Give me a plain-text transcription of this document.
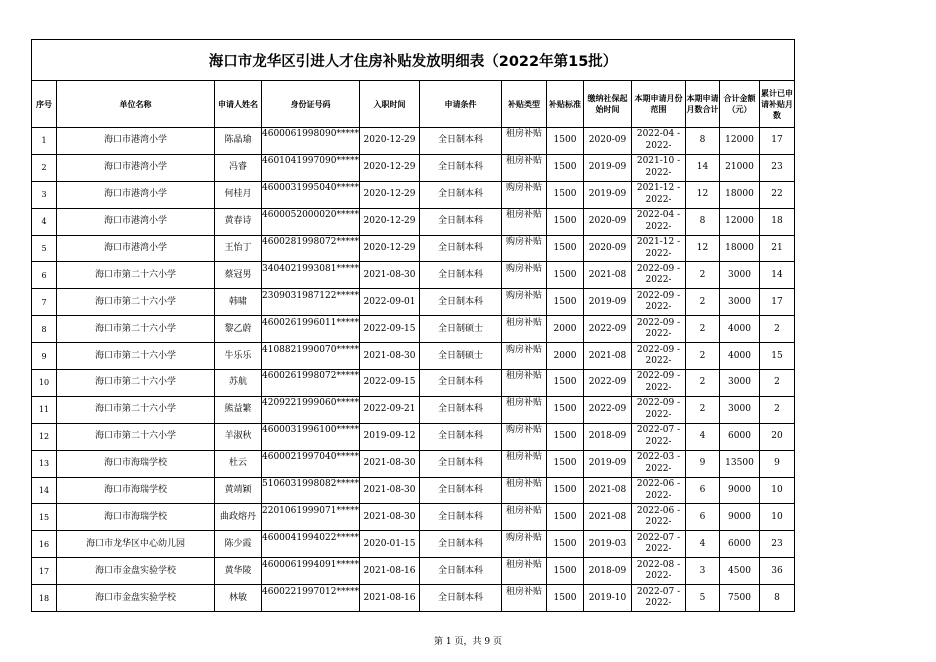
海口市龙华区引进人才住房补贴发放明细表（2022年第15批）												
序号	单位名称	申请人姓名	身份证号码	入职时间	申请条件	补贴类型	补贴标准	缴纳社保起始时间	本期申请月份范围	本期申请月数合计	合计金额（元）	累计已申请补贴月数
1	海口市港湾小学	陈晶瑜	4600061998090*****	2020-12-29	全日制本科	租房补贴	1500	2020-09	2022-04 - 2022-	8	12000	17
2	海口市港湾小学	冯睿	4601041997090*****	2020-12-29	全日制本科	租房补贴	1500	2019-09	2021-10 - 2022-	14	21000	23
3	海口市港湾小学	何桂月	4600031995040*****	2020-12-29	全日制本科	购房补贴	1500	2019-09	2021-12 - 2022-	12	18000	22
4	海口市港湾小学	黄春诗	4600052000020*****	2020-12-29	全日制本科	租房补贴	1500	2020-09	2022-04 - 2022-	8	12000	18
5	海口市港湾小学	王怡丁	4600281998072*****	2020-12-29	全日制本科	购房补贴	1500	2020-09	2021-12 - 2022-	12	18000	21
6	海口市第二十六小学	蔡冠男	3404021993081*****	2021-08-30	全日制本科	购房补贴	1500	2021-08	2022-09 - 2022-	2	3000	14
7	海口市第二十六小学	韩啸	2309031987122*****	2022-09-01	全日制本科	购房补贴	1500	2019-09	2022-09 - 2022-	2	3000	17
8	海口市第二十六小学	黎乙蔚	4600261996011*****	2022-09-15	全日制硕士	租房补贴	2000	2022-09	2022-09 - 2022-	2	4000	2
9	海口市第二十六小学	牛乐乐	4108821990070*****	2021-08-30	全日制硕士	购房补贴	2000	2021-08	2022-09 - 2022-	2	4000	15
10	海口市第二十六小学	苏航	4600261998072*****	2022-09-15	全日制本科	租房补贴	1500	2022-09	2022-09 - 2022-	2	3000	2
11	海口市第二十六小学	熊益繁	4209221999060*****	2022-09-21	全日制本科	租房补贴	1500	2022-09	2022-09 - 2022-	2	3000	2
12	海口市第二十六小学	羊淑秋	4600031996100*****	2019-09-12	全日制本科	购房补贴	1500	2018-09	2022-07 - 2022-	4	6000	20
13	海口市海瑞学校	杜云	4600021997040*****	2021-08-30	全日制本科	租房补贴	1500	2019-09	2022-03 - 2022-	9	13500	9
14	海口市海瑞学校	黄靖颖	5106031998082*****	2021-08-30	全日制本科	租房补贴	1500	2021-08	2022-06 - 2022-	6	9000	10
15	海口市海瑞学校	曲政熔丹	2201061999071*****	2021-08-30	全日制本科	租房补贴	1500	2021-08	2022-06 - 2022-	6	9000	10
16	海口市龙华区中心幼儿园	陈少霞	4600041994022*****	2020-01-15	全日制本科	购房补贴	1500	2019-03	2022-07 - 2022-	4	6000	23
17	海口市金盘实验学校	黄华陵	4600061994091*****	2021-08-16	全日制本科	租房补贴	1500	2018-09	2022-08 - 2022-	3	4500	36
18	海口市金盘实验学校	林敏	4600221997012*****	2021-08-16	全日制本科	租房补贴	1500	2019-10	2022-07 - 2022-	5	7500	8
第 1 页，共 9 页
